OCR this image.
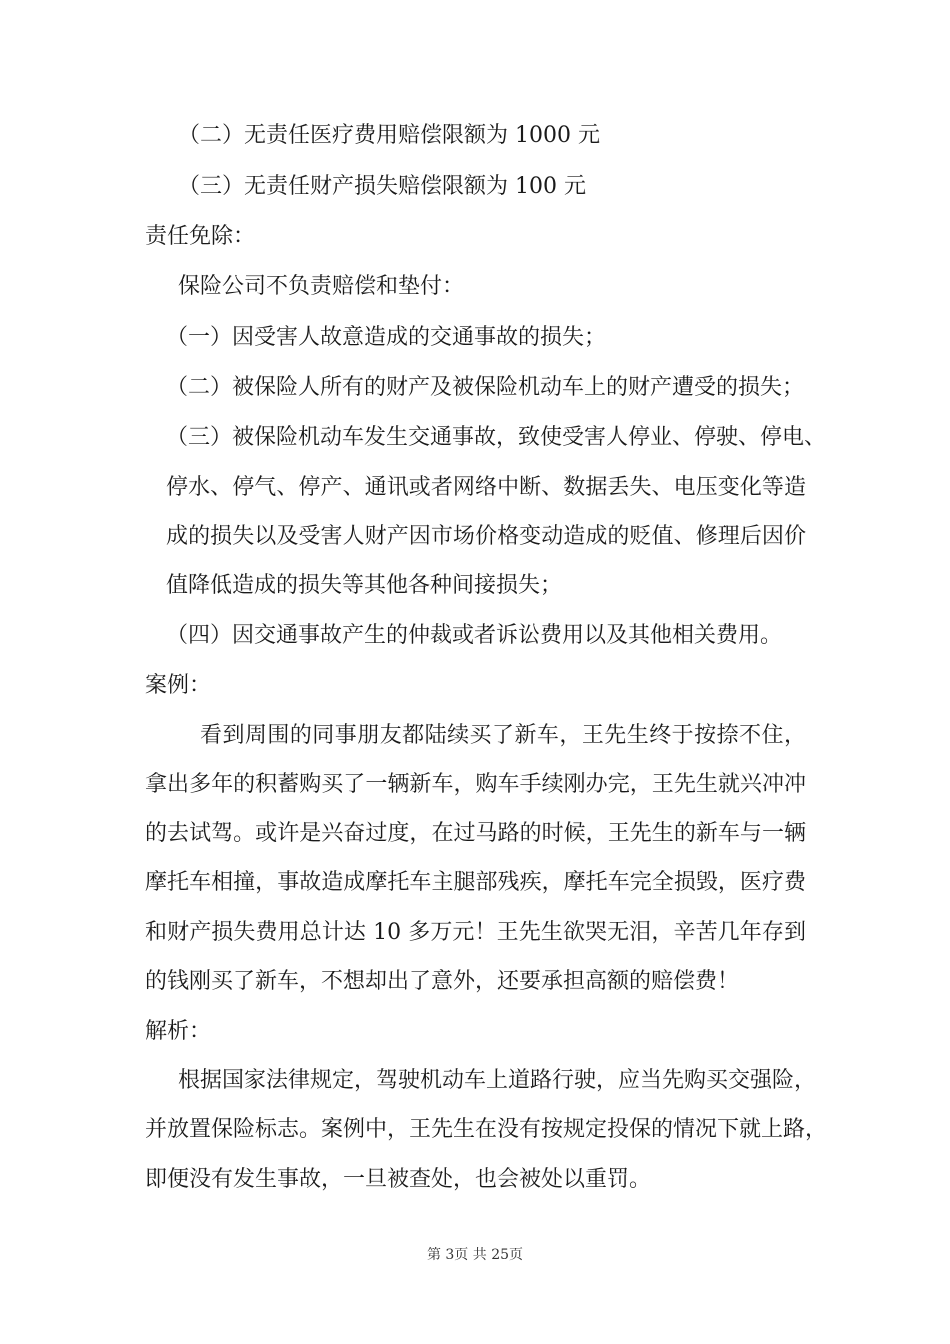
（二）无责任医疗费用赔偿限额为 1000 元
（三）无责任财产损失赔偿限额为 100 元
责任免除：
保险公司不负责赔偿和垫付：
（一）因受害人故意造成的交通事故的损失；
（二）被保险人所有的财产及被保险机动车上的财产遭受的损失；
（三）被保险机动车发生交通事故，致使受害人停业、停驶、停电、
停水、停气、停产、通讯或者网络中断、数据丢失、电压变化等造
成的损失以及受害人财产因市场价格变动造成的贬值、修理后因价
值降低造成的损失等其他各种间接损失；
（四）因交通事故产生的仲裁或者诉讼费用以及其他相关费用。
案例：
看到周围的同事朋友都陆续买了新车，王先生终于按捺不住，
拿出多年的积蓄购买了一辆新车，购车手续刚办完，王先生就兴冲冲
的去试驾。或许是兴奋过度，在过马路的时候，王先生的新车与一辆
摩托车相撞，事故造成摩托车主腿部残疾，摩托车完全损毁，医疗费
和财产损失费用总计达 10 多万元！王先生欲哭无泪，辛苦几年存到
的钱刚买了新车，不想却出了意外，还要承担高额的赔偿费！
解析：
根据国家法律规定，驾驶机动车上道路行驶，应当先购买交强险，
并放置保险标志。案例中，王先生在没有按规定投保的情况下就上路，
即便没有发生事故，一旦被查处，也会被处以重罚。
第 3页 共 25页
